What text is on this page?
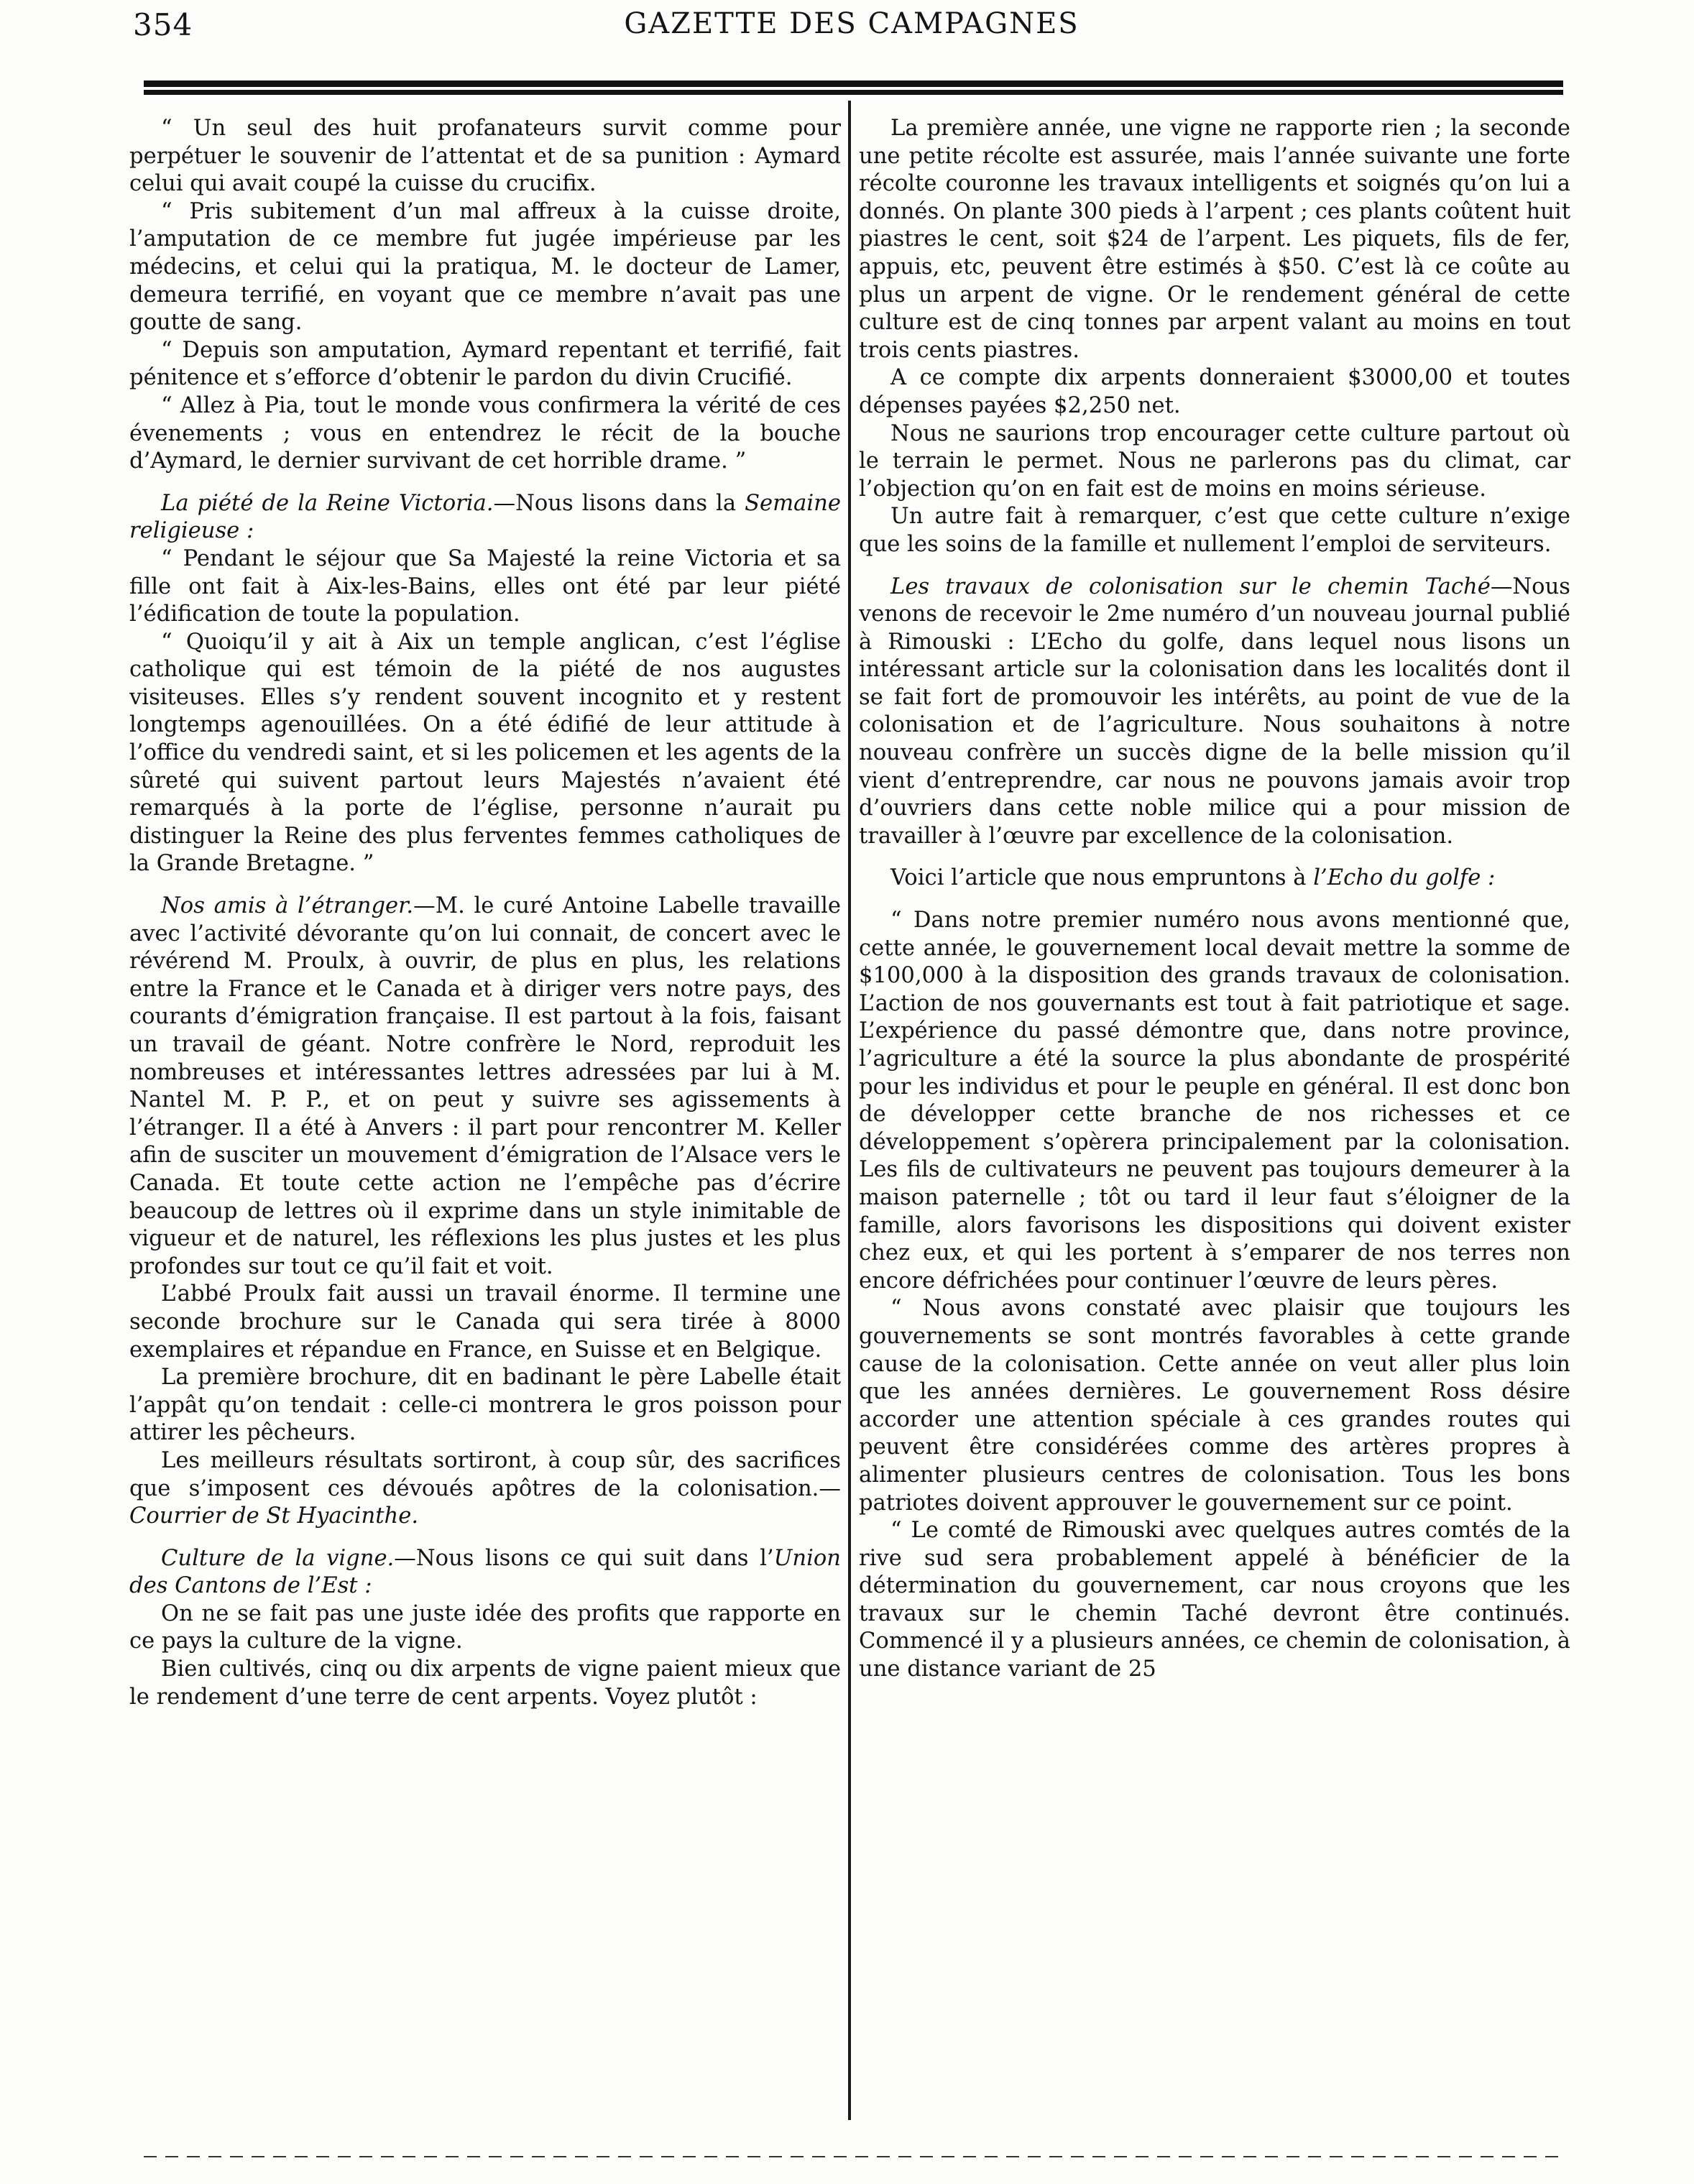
354	GAZETTE DES CAMPAGNES

“ Un seul des huit profanateurs survit comme pour perpétuer le souvenir de l’attentat et de sa punition : Aymard celui qui avait coupé la cuisse du crucifix.

“ Pris subitement d’un mal affreux à la cuisse droite, l’amputation de ce membre fut jugée impérieuse par les médecins, et celui qui la pratiqua, M. le docteur de Lamer, demeura terrifié, en voyant que ce membre n’avait pas une goutte de sang.

“ Depuis son amputation, Aymard repentant et terrifié, fait pénitence et s’efforce d’obtenir le pardon du divin Crucifié.

“ Allez à Pia, tout le monde vous confirmera la vérité de ces évenements ; vous en entendrez le récit de la bouche d’Aymard, le dernier survivant de cet horrible drame. ”

La piété de la Reine Victoria.—Nous lisons dans la Semaine religieuse :

“ Pendant le séjour que Sa Majesté la reine Victoria et sa fille ont fait à Aix-les-Bains, elles ont été par leur piété l’édification de toute la population.

“ Quoiqu’il y ait à Aix un temple anglican, c’est l’église catholique qui est témoin de la piété de nos augustes visiteuses. Elles s’y rendent souvent incognito et y restent longtemps agenouillées. On a été édifié de leur attitude à l’office du vendredi saint, et si les policemen et les agents de la sûreté qui suivent partout leurs Majestés n’avaient été remarqués à la porte de l’église, personne n’aurait pu distinguer la Reine des plus ferventes femmes catholiques de la Grande Bretagne. ”

Nos amis à l’étranger.—M. le curé Antoine Labelle travaille avec l’activité dévorante qu’on lui connait, de concert avec le révérend M. Proulx, à ouvrir, de plus en plus, les relations entre la France et le Canada et à diriger vers notre pays, des courants d’émigration française. Il est partout à la fois, faisant un travail de géant. Notre confrère le Nord, reproduit les nombreuses et intéressantes lettres adressées par lui à M. Nantel M. P. P., et on peut y suivre ses agissements à l’étranger. Il a été à Anvers : il part pour rencontrer M. Keller afin de susciter un mouvement d’émigration de l’Alsace vers le Canada. Et toute cette action ne l’empêche pas d’écrire beaucoup de lettres où il exprime dans un style inimitable de vigueur et de naturel, les réflexions les plus justes et les plus profondes sur tout ce qu’il fait et voit.

L’abbé Proulx fait aussi un travail énorme. Il termine une seconde brochure sur le Canada qui sera tirée à 8000 exemplaires et répandue en France, en Suisse et en Belgique.

La première brochure, dit en badinant le père Labelle était l’appât qu’on tendait : celle-ci montrera le gros poisson pour attirer les pêcheurs.

Les meilleurs résultats sortiront, à coup sûr, des sacrifices que s’imposent ces dévoués apôtres de la colonisation.— Courrier de St Hyacinthe.

Culture de la vigne.—Nous lisons ce qui suit dans l’Union des Cantons de l’Est :

On ne se fait pas une juste idée des profits que rapporte en ce pays la culture de la vigne.

Bien cultivés, cinq ou dix arpents de vigne paient mieux que le rendement d’une terre de cent arpents. Voyez plutôt :

La première année, une vigne ne rapporte rien ; la seconde une petite récolte est assurée, mais l’année suivante une forte récolte couronne les travaux intelligents et soignés qu’on lui a donnés. On plante 300 pieds à l’arpent ; ces plants coûtent huit piastres le cent, soit $24 de l’arpent. Les piquets, fils de fer, appuis, etc, peuvent être estimés à $50. C’est là ce coûte au plus un arpent de vigne. Or le rendement général de cette culture est de cinq tonnes par arpent valant au moins en tout trois cents piastres.

A ce compte dix arpents donneraient $3000,00 et toutes dépenses payées $2,250 net.

Nous ne saurions trop encourager cette culture partout où le terrain le permet. Nous ne parlerons pas du climat, car l’objection qu’on en fait est de moins en moins sérieuse.

Un autre fait à remarquer, c’est que cette culture n’exige que les soins de la famille et nullement l’emploi de serviteurs.

Les travaux de colonisation sur le chemin Taché—Nous venons de recevoir le 2me numéro d’un nouveau journal publié à Rimouski : L’Echo du golfe, dans lequel nous lisons un intéressant article sur la colonisation dans les localités dont il se fait fort de promouvoir les intérêts, au point de vue de la colonisation et de l’agriculture. Nous souhaitons à notre nouveau confrère un succès digne de la belle mission qu’il vient d’entreprendre, car nous ne pouvons jamais avoir trop d’ouvriers dans cette noble milice qui a pour mission de travailler à l’œuvre par excellence de la colonisation.

Voici l’article que nous empruntons à l’Echo du golfe :

“ Dans notre premier numéro nous avons mentionné que, cette année, le gouvernement local devait mettre la somme de $100,000 à la disposition des grands travaux de colonisation. L’action de nos gouvernants est tout à fait patriotique et sage. L’expérience du passé démontre que, dans notre province, l’agriculture a été la source la plus abondante de prospérité pour les individus et pour le peuple en général. Il est donc bon de développer cette branche de nos richesses et ce développement s’opèrera principalement par la colonisation. Les fils de cultivateurs ne peuvent pas toujours demeurer à la maison paternelle ; tôt ou tard il leur faut s’éloigner de la famille, alors favorisons les dispositions qui doivent exister chez eux, et qui les portent à s’emparer de nos terres non encore défrichées pour continuer l’œuvre de leurs pères.

“ Nous avons constaté avec plaisir que toujours les gouvernements se sont montrés favorables à cette grande cause de la colonisation. Cette année on veut aller plus loin que les années dernières. Le gouvernement Ross désire accorder une attention spéciale à ces grandes routes qui peuvent être considérées comme des artères propres à alimenter plusieurs centres de colonisation. Tous les bons patriotes doivent approuver le gouvernement sur ce point.

“ Le comté de Rimouski avec quelques autres comtés de la rive sud sera probablement appelé à bénéficier de la détermination du gouvernement, car nous croyons que les travaux sur le chemin Taché devront être continués. Commencé il y a plusieurs années, ce chemin de colonisation, à une distance variant de 25
